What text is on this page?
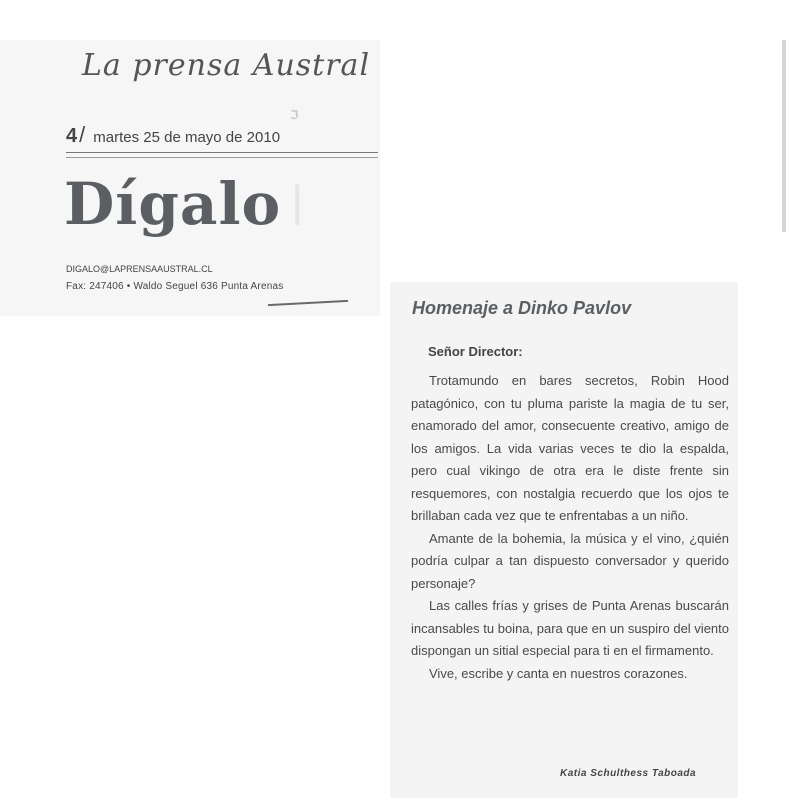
ℑ
|
La prensa Austral
4/ martes 25 de mayo de 2010
Dígalo
DIGALO@LAPRENSAAUSTRAL.CL
Fax: 247406 • Waldo Seguel 636 Punta Arenas
Homenaje a Dinko Pavlov
Señor Director:

Trotamundo en bares secretos, Robin Hood patagónico, con tu pluma pariste la magia de tu ser, enamorado del amor, consecuente creativo, amigo de los amigos. La vida varias veces te dio la espalda, pero cual vikingo de otra era le diste frente sin resquemores, con nostalgia recuerdo que los ojos te brillaban cada vez que te enfrentabas a un niño.

Amante de la bohemia, la música y el vino, ¿quién podría culpar a tan dispuesto conversador y querido personaje?

Las calles frías y grises de Punta Arenas buscarán incansables tu boina, para que en un suspiro del viento dispongan un sitial especial para ti en el firmamento.

Vive, escribe y canta en nuestros corazones.

Katia Schulthess Taboada
